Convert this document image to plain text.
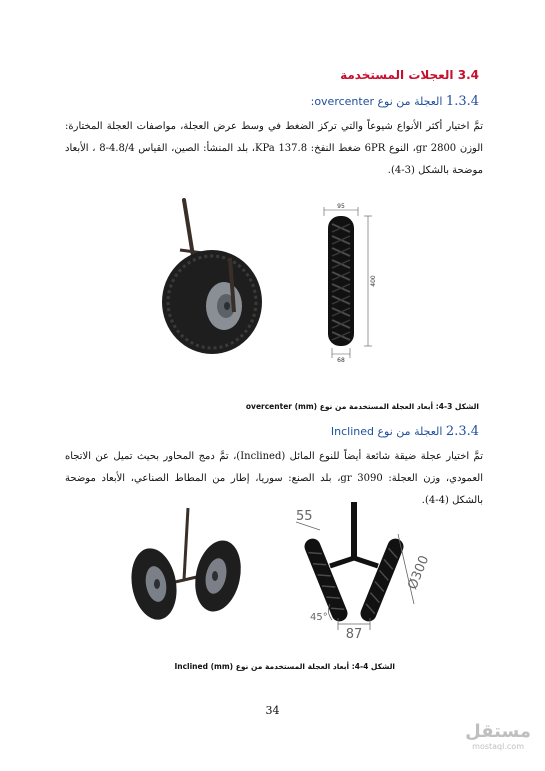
3.4 العجلات المستخدمة
1.3.4 العجلة من نوع overcenter:
تمَّ اختيار أكثر الأنواع شيوعاً والتي تركز الضغط في وسط عرض العجلة، مواصفات العجلة المختارة: الوزن 2800 gr، النوع 6PR ضغط النفخ: 137.8 KPa، بلد المنشأ: الصين، القياس 4.8/4-8 ، الأبعاد موضحة بالشكل (3-4).
95
400
68
الشكل 3-4: أبعاد العجلة المستخدمة من نوع overcenter (mm)
2.3.4 العجلة من نوع Inclined
تمَّ اختيار عجلة ضيقة شائعة أيضاً للنوع المائل (Inclined)، تمَّ دمج المحاور بحيث تميل عن الاتجاه العمودي، وزن العجلة: 3090 gr، بلد الصنع: سوريا، إطار من المطاط الصناعي، الأبعاد موضحة بالشكل (4-4).
55
Ø300
45°
87
الشكل 4-4: أبعاد العجلة المستخدمة من نوع Inclined (mm)
34
مستقل
mostaql.com
